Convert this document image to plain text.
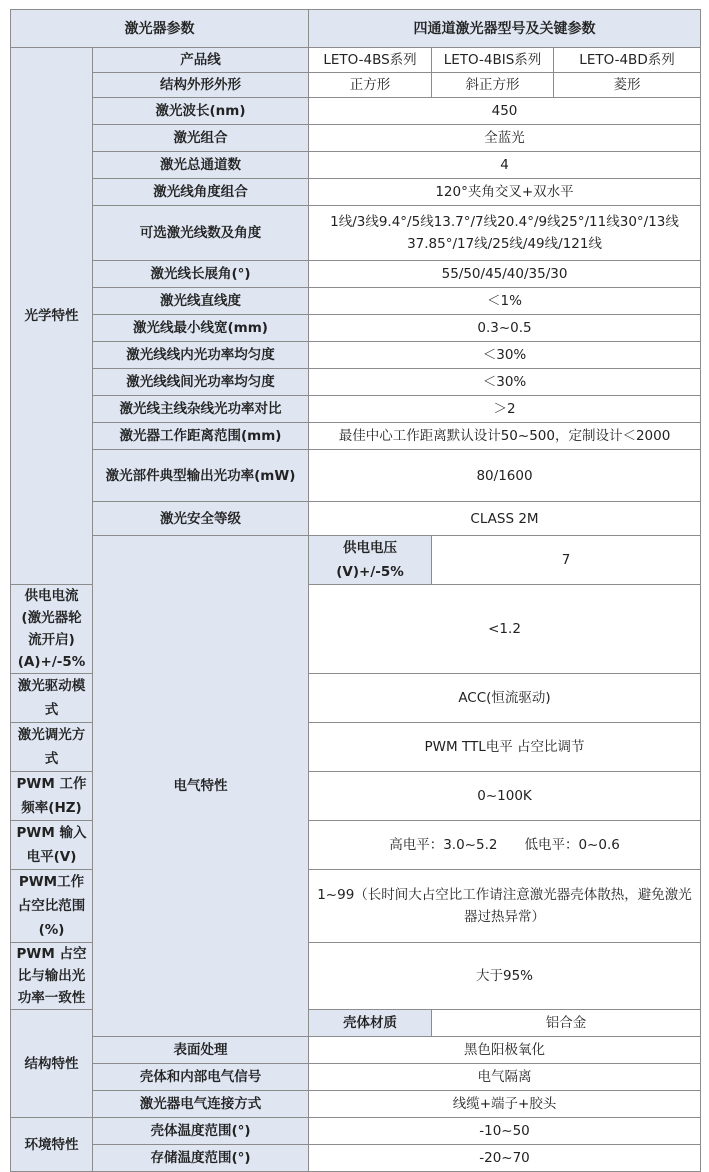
激光器参数		四通道激光器型号及关键参数		
光学特性	产品线	LETO-4BS系列	LETO-4BIS系列	LETO-4BD系列
	结构外形外形	正方形	斜正方形	菱形
	激光波长(nm)	450		
	激光组合	全蓝光		
	激光总通道数	4		
	激光线角度组合	120°夹角交叉+双水平		
	可选激光线数及角度	1线/3线9.4°/5线13.7°/7线20.4°/9线25°/11线30°/13线37.85°/17线/25线/49线/121线		
	激光线长展角(°)	55/50/45/40/35/30		
	激光线直线度	＜1%		
	激光线最小线宽(mm)	0.3~0.5		
	激光线线内光功率均匀度	＜30%		
	激光线线间光功率均匀度	＜30%		
	激光线主线杂线光功率对比	＞2		
	激光器工作距离范围(mm)	最佳中心工作距离默认设计50~500，定制设计＜2000		
	激光部件典型输出光功率(mW)	80/1600		
	激光安全等级	CLASS 2M		
	电气特性	供电电压(V)+/-5%	7	
供电电流(激光器轮流开启)(A)+/-5%		<1.2		
激光驱动模式		ACC(恒流驱动)		
激光调光方式		PWM TTL电平 占空比调节		
PWM 工作频率(HZ)		0~100K		
PWM 输入电平(V)		高电平：3.0~5.2　　低电平：0~0.6		
PWM工作占空比范围(%)		1~99（长时间大占空比工作请注意激光器壳体散热，避免激光器过热异常）		
PWM 占空比与输出光功率一致性		大于95%		
结构特性		壳体材质	铝合金	
	表面处理	黑色阳极氧化		
	壳体和内部电气信号	电气隔离		
	激光器电气连接方式	线缆+端子+胶头		
环境特性	壳体温度范围(°)	-10~50		
	存储温度范围(°)	-20~70		
